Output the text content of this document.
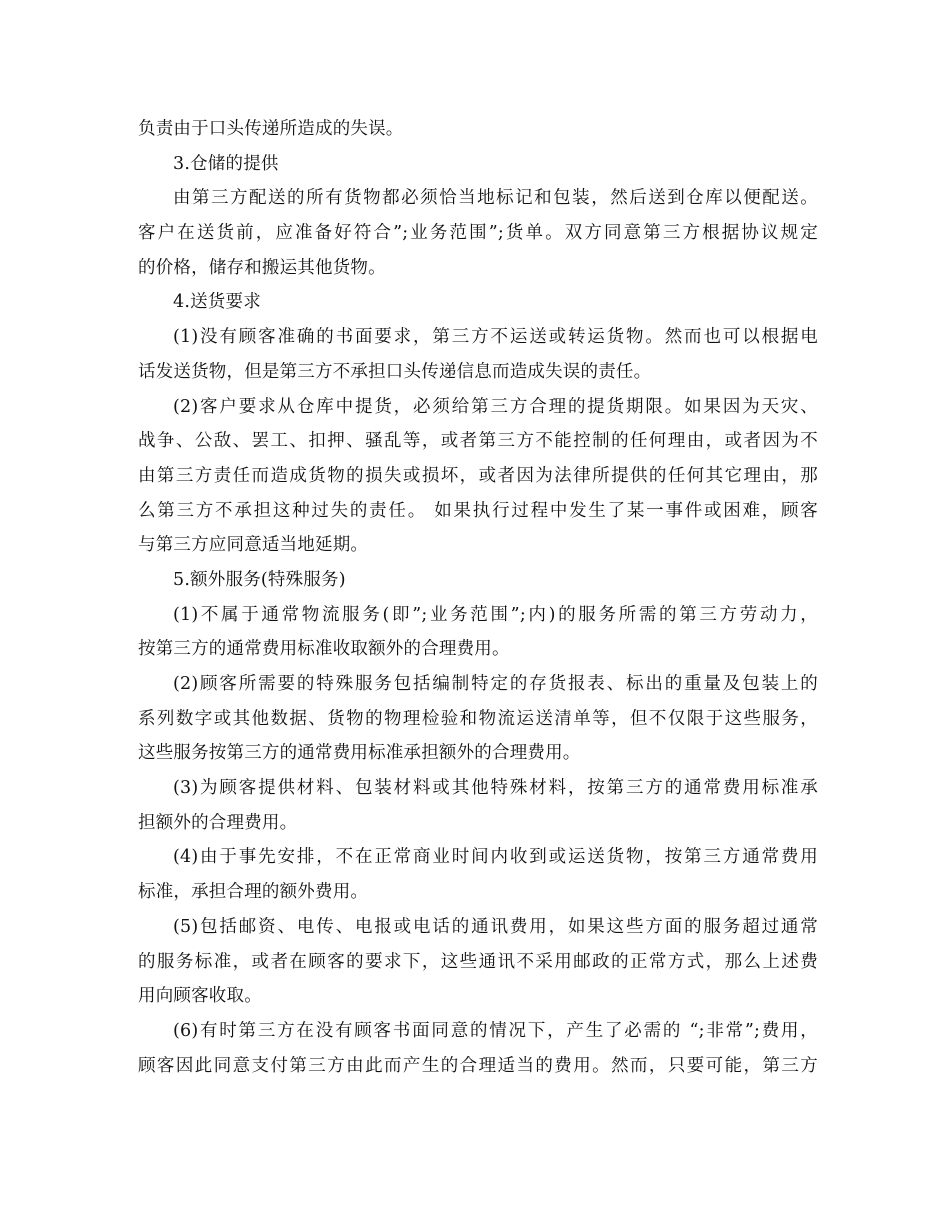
负责由于口头传递所造成的失误。
3.仓储的提供
由第三方配送的所有货物都必须恰当地标记和包装，然后送到仓库以便配送。
客户在送货前，应准备好符合”;业务范围”;货单。双方同意第三方根据协议规定
的价格，储存和搬运其他货物。
4.送货要求
(1)没有顾客准确的书面要求，第三方不运送或转运货物。然而也可以根据电
话发送货物，但是第三方不承担口头传递信息而造成失误的责任。
(2)客户要求从仓库中提货，必须给第三方合理的提货期限。如果因为天灾、
战争、公敌、罢工、扣押、骚乱等，或者第三方不能控制的任何理由，或者因为不
由第三方责任而造成货物的损失或损坏，或者因为法律所提供的任何其它理由，那
么第三方不承担这种过失的责任。 如果执行过程中发生了某一事件或困难，顾客
与第三方应同意适当地延期。
5.额外服务(特殊服务)
(1)不属于通常物流服务(即”;业务范围”;内)的服务所需的第三方劳动力，
按第三方的通常费用标准收取额外的合理费用。
(2)顾客所需要的特殊服务包括编制特定的存货报表、标出的重量及包装上的
系列数字或其他数据、货物的物理检验和物流运送清单等，但不仅限于这些服务，
这些服务按第三方的通常费用标准承担额外的合理费用。
(3)为顾客提供材料、包装材料或其他特殊材料，按第三方的通常费用标准承
担额外的合理费用。
(4)由于事先安排，不在正常商业时间内收到或运送货物，按第三方通常费用
标准，承担合理的额外费用。
(5)包括邮资、电传、电报或电话的通讯费用，如果这些方面的服务超过通常
的服务标准，或者在顾客的要求下，这些通讯不采用邮政的正常方式，那么上述费
用向顾客收取。
(6)有时第三方在没有顾客书面同意的情况下，产生了必需的 “;非常”;费用，
顾客因此同意支付第三方由此而产生的合理适当的费用。然而，只要可能，第三方
